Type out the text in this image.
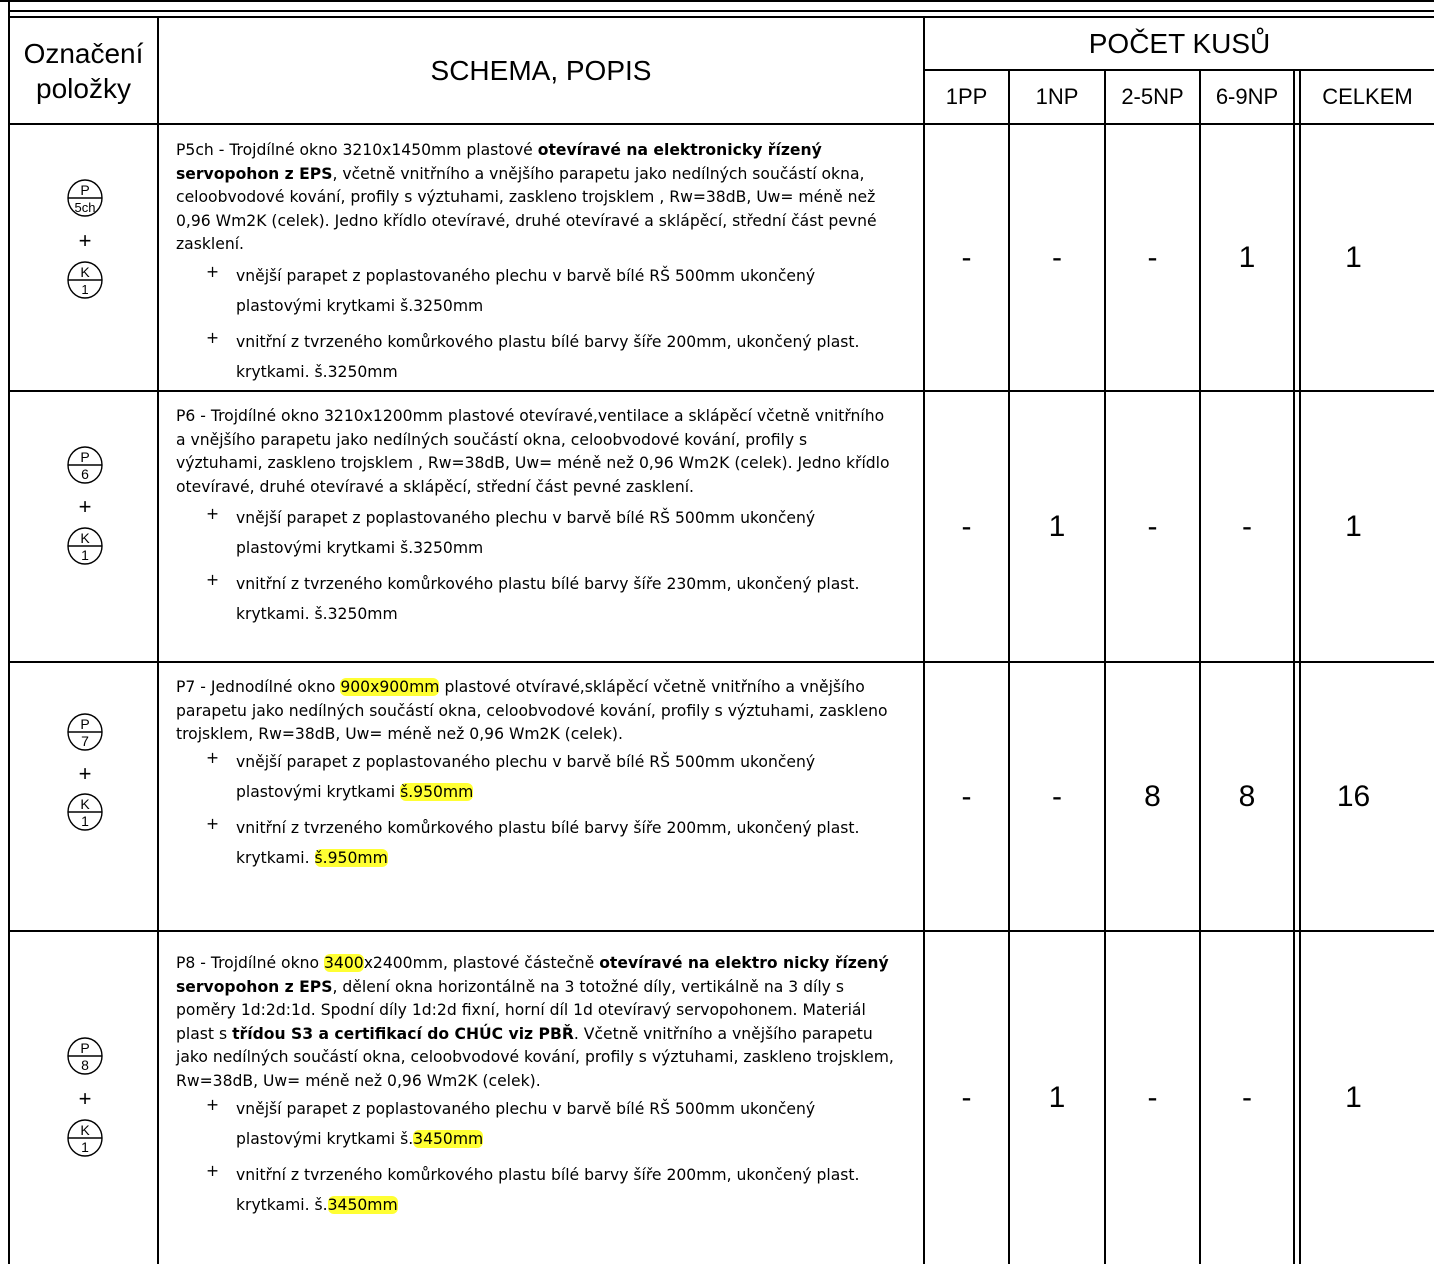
Označení položky
SCHEMA, POPIS
POČET KUSŮ
1PP	1NP	2-5NP	6-9NP	CELKEM
P
5ch
+
K
1

P5ch - Trojdílné okno 3210x1450mm plastové otevíravé na elektronicky řízený servopohon z EPS, včetně vnitřního a vnějšího parapetu jako nedílných součástí okna, celoobvodové kování, profily s výztuhami, zaskleno trojsklem , Rw=38dB, Uw= méně než 0,96 Wm2K (celek). Jedno křídlo otevíravé, druhé otevíravé a sklápěcí, střední část pevné zasklení.

+	vnější parapet z poplastovaného plechu v barvě bílé RŠ 500mm ukončený plastovými krytkami š.3250mm
+	vnitřní z tvrzeného komůrkového plastu bílé barvy šíře 200mm, ukončený plast. krytkami. š.3250mm
-	-	-	1	1
P
6
+
K
1

P6 - Trojdílné okno 3210x1200mm plastové otevíravé,ventilace a sklápěcí včetně vnitřního a vnějšího parapetu jako nedílných součástí okna, celoobvodové kování, profily s výztuhami, zaskleno trojsklem , Rw=38dB, Uw= méně než 0,96 Wm2K (celek). Jedno křídlo otevíravé, druhé otevíravé a sklápěcí, střední část pevné zasklení.

+	vnější parapet z poplastovaného plechu v barvě bílé RŠ 500mm ukončený plastovými krytkami š.3250mm
+	vnitřní z tvrzeného komůrkového plastu bílé barvy šíře 230mm, ukončený plast. krytkami. š.3250mm
-	1	-	-	1
P
7
+
K
1

P7 - Jednodílné okno 900x900mm plastové otvíravé,sklápěcí včetně vnitřního a vnějšího parapetu jako nedílných součástí okna, celoobvodové kování, profily s výztuhami, zaskleno trojsklem, Rw=38dB, Uw= méně než 0,96 Wm2K (celek).

+	vnější parapet z poplastovaného plechu v barvě bílé RŠ 500mm ukončený plastovými krytkami š.950mm
+	vnitřní z tvrzeného komůrkového plastu bílé barvy šíře 200mm, ukončený plast. krytkami. š.950mm
-	-	8	8	16
P
8
+
K
1

P8 - Trojdílné okno 3400x2400mm, plastové částečně otevíravé na elektro nicky řízený servopohon z EPS, dělení okna horizontálně na 3 totožné díly, vertikálně na 3 díly s poměry 1d:2d:1d. Spodní díly 1d:2d fixní, horní díl 1d otevíravý servopohonem. Materiál plast s třídou S3 a certifikací do CHÚC viz PBŘ. Včetně vnitřního a vnějšího parapetu jako nedílných součástí okna, celoobvodové kování, profily s výztuhami, zaskleno trojsklem, Rw=38dB, Uw= méně než 0,96 Wm2K (celek).

+	vnější parapet z poplastovaného plechu v barvě bílé RŠ 500mm ukončený plastovými krytkami š.3450mm
+	vnitřní z tvrzeného komůrkového plastu bílé barvy šíře 200mm, ukončený plast. krytkami. š.3450mm
-	1	-	-	1
